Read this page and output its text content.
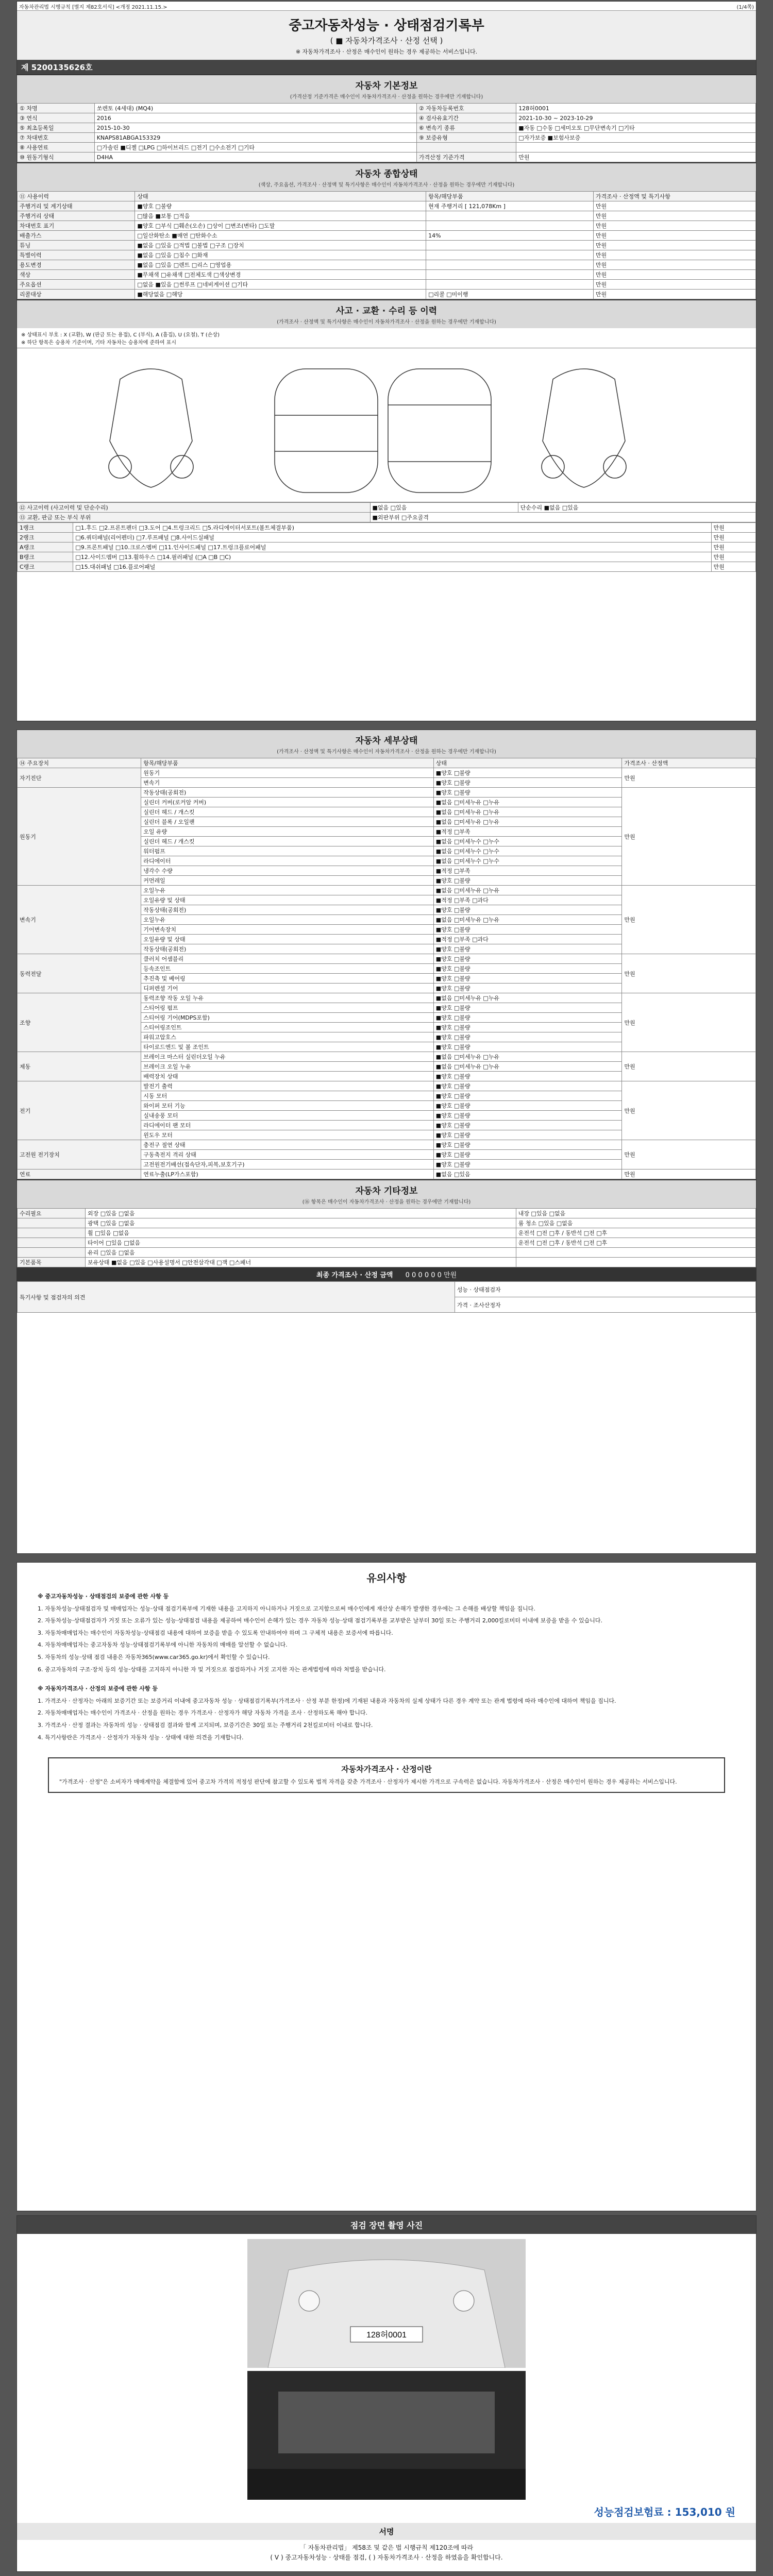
자동차관리법 시행규칙 [별지 제82호서식] <개정 2021.11.15.>	(1/4쪽)
중고자동차성능 · 상태점검기록부
( ■ 자동차가격조사 · 산정 선택 )
※ 자동차가격조사 · 산정은 매수인이 원하는 경우 제공하는 서비스입니다.
제 5200135626호
자동차 기본정보

(가격산정 기준가격은 매수인이 자동차가격조사 · 산정을 원하는 경우에만 기재합니다)

① 차명	쏘렌토 (4세대) (MQ4)	② 자동차등록번호	128허0001
③ 연식	2016	④ 검사유효기간	2021-10-30 ~ 2023-10-29
⑤ 최초등록일	2015-10-30	⑥ 변속기 종류	■자동 □수동 □세미오토 □무단변속기 □기타
⑦ 차대번호	KNAPS81ABGA153329	⑨ 보증유형	□자가보증 ■보험사보증
⑧ 사용연료	□가솔린 ■디젤 □LPG □하이브리드 □전기 □수소전기 □기타		
⑩ 원동기형식	D4HA	가격산정 기준가격	만원
자동차 종합상태

(색상, 주요옵션, 가격조사 · 산정액 및 특기사항은 매수인이 자동차가격조사 · 산정을 원하는 경우에만 기재합니다)

⑪ 사용이력	상태	항목/해당부품	가격조사 · 산정액 및 특기사항
주행거리 및 계기상태	■양호 □불량	현재 주행거리 [ 121,078Km ]	만원
주행거리 상태	□많음 ■보통 □적음		만원
차대번호 표기	■양호 □부식 □훼손(오손) □상이 □변조(변타) □도말		만원
배출가스	□일산화탄소 ■매연 □탄화수소	14%	만원
튜닝	■없음 □있음 □적법 □불법 □구조 □장치		만원
특별이력	■없음 □있음 □침수 □화재		만원
용도변경	■없음 □있음 □렌트 □리스 □영업용		만원
색상	■무채색 □유채색 □전체도색 □색상변경		만원
주요옵션	□없음 ■있음 □썬루프 □네비게이션 □기타		만원
리콜대상	■해당없음 □해당	□리콜 □미이행	만원
사고 · 교환 · 수리 등 이력

(가격조사 · 산정액 및 특기사항은 매수인이 자동차가격조사 · 산정을 원하는 경우에만 기재합니다)

※ 상태표시 부호 : X (교환), W (판금 또는 용접), C (부식), A (흠집), U (요철), T (손상)
※ 하단 항목은 승용차 기준이며, 기타 자동차는 승용차에 준하여 표시
⑫ 사고이력 (사고이력 및 단순수리)	■없음 □있음	단순수리 ■없음 □있음
⑬ 교환, 판금 또는 부식 부위	■외판부위 □주요골격	
1랭크	□1.후드 □2.프론트펜더 □3.도어 □4.트렁크리드 □5.라디에이터서포트(볼트체결부품)	만원
2랭크	□6.쿼터패널(리어펜더) □7.루프패널 □8.사이드실패널	만원
A랭크	□9.프론트패널 □10.크로스멤버 □11.인사이드패널 □17.트렁크플로어패널	만원
B랭크	□12.사이드멤버 □13.휠하우스 □14.필러패널 (□A □B □C)	만원
C랭크	□15.대쉬패널 □16.플로어패널	만원
자동차 세부상태

(가격조사 · 산정액 및 특기사항은 매수인이 자동차가격조사 · 산정을 원하는 경우에만 기재합니다)

⑭ 주요장치	항목/해당부품	상태	가격조사 · 산정액
자기진단	원동기	■양호 □불량	만원
	변속기	■양호 □불량	
원동기	작동상태(공회전)	■양호 □불량	만원
	실린더 커버(로커암 커버)	■없음 □미세누유 □누유	
	실린더 헤드 / 개스킷	■없음 □미세누유 □누유	
	실린더 블록 / 오일팬	■없음 □미세누유 □누유	
	오일 유량	■적정 □부족	
	실린더 헤드 / 개스킷	■없음 □미세누수 □누수	
	워터펌프	■없음 □미세누수 □누수	
	라디에이터	■없음 □미세누수 □누수	
	냉각수 수량	■적정 □부족	
	커먼레일	■양호 □불량	
변속기	오일누유	■없음 □미세누유 □누유	만원
	오일유량 및 상태	■적정 □부족 □과다	
	작동상태(공회전)	■양호 □불량	
	오일누유	■없음 □미세누유 □누유	
	기어변속장치	■양호 □불량	
	오일유량 및 상태	■적정 □부족 □과다	
	작동상태(공회전)	■양호 □불량	
동력전달	클러치 어셈블리	■양호 □불량	만원
	등속조인트	■양호 □불량	
	추진축 및 베어링	■양호 □불량	
	디퍼렌셜 기어	■양호 □불량	
조향	동력조향 작동 오일 누유	■없음 □미세누유 □누유	만원
	스티어링 펌프	■양호 □불량	
	스티어링 기어(MDPS포함)	■양호 □불량	
	스티어링조인트	■양호 □불량	
	파워고압호스	■양호 □불량	
	타이로드엔드 및 볼 조인트	■양호 □불량	
제동	브레이크 마스터 실린더오일 누유	■없음 □미세누유 □누유	만원
	브레이크 오일 누유	■없음 □미세누유 □누유	
	배력장치 상태	■양호 □불량	
전기	발전기 출력	■양호 □불량	만원
	시동 모터	■양호 □불량	
	와이퍼 모터 기능	■양호 □불량	
	실내송풍 모터	■양호 □불량	
	라디에이터 팬 모터	■양호 □불량	
	윈도우 모터	■양호 □불량	
고전원 전기장치	충전구 절연 상태	■양호 □불량	만원
	구동축전지 격리 상태	■양호 □불량	
	고전원전기배선(접속단자,피복,보호기구)	■양호 □불량	
연료	연료누출(LP가스포함)	■없음 □있음	만원
자동차 기타정보

(⑯ 항목은 매수인이 자동차가격조사 · 산정을 원하는 경우에만 기재합니다)

수리필요	외장 □있음 □없음	내장 □있음 □없음
	광택 □있음 □없음	룸 청소 □있음 □없음
	휠 □있음 □없음	운전석 □전 □후 / 동반석 □전 □후
	타이어 □있음 □없음	운전석 □전 □후 / 동반석 □전 □후
	유리 □있음 □없음	
기본품목	보유상태 ■없음 □있음 □사용설명서 □안전삼각대 □잭 □스패너	
최종 가격조사 · 산정 금액 0 0 0 0 0 0 만원
특기사항 및 점검자의 의견	성능 · 상태점검자
가격 · 조사산정자
유의사항

※ 중고자동차성능 · 상태점검의 보증에 관한 사항 등

1. 자동차성능·상태점검자 및 매매업자는 성능·상태 점검기록부에 기재한 내용을 고지하지 아니하거나 거짓으로 고지함으로써 매수인에게 재산상 손해가 발생한 경우에는 그 손해를 배상할 책임을 집니다.

2. 자동차성능·상태점검자가 거짓 또는 오류가 있는 성능·상태점검 내용을 제공하여 매수인이 손해가 있는 경우 자동차 성능·상태 점검기록부를 교부받은 날부터 30일 또는 주행거리 2,000킬로미터 이내에 보증을 받을 수 있습니다.

3. 자동차매매업자는 매수인이 자동차성능·상태점검 내용에 대하여 보증을 받을 수 있도록 안내하여야 하며 그 구체적 내용은 보증서에 따릅니다.

4. 자동차매매업자는 중고자동차 성능·상태점검기록부에 아니한 자동차의 매매를 알선할 수 없습니다.

5. 자동차의 성능·상태 점검 내용은 자동차365(www.car365.go.kr)에서 확인할 수 있습니다.

6. 중고자동차의 구조·장치 등의 성능·상태를 고지하지 아니한 자 및 거짓으로 점검하거나 거짓 고지한 자는 관계법령에 따라 처벌을 받습니다.

※ 자동차가격조사 · 산정의 보증에 관한 사항 등

1. 가격조사 · 산정자는 아래의 보증기간 또는 보증거리 이내에 중고자동차 성능 · 상태점검기록부(가격조사 · 산정 부분 한정)에 기재된 내용과 자동차의 실제 상태가 다른 경우 계약 또는 관계 법령에 따라 매수인에 대하여 책임을 집니다.

2. 자동차매매업자는 매수인이 가격조사 · 산정을 원하는 경우 가격조사 · 산정자가 해당 자동차 가격을 조사 · 산정하도록 해야 합니다.

3. 가격조사 · 산정 결과는 자동차의 성능 · 상태점검 결과와 함께 고지되며, 보증기간은 30일 또는 주행거리 2천킬로미터 이내로 합니다.

4. 특기사항란은 가격조사 · 산정자가 자동차 성능 · 상태에 대한 의견을 기재합니다.

자동차가격조사 · 산정이란
"가격조사 · 산정"은 소비자가 매매계약을 체결함에 있어 중고차 가격의 적정성 판단에 참고할 수 있도록 법적 자격을 갖춘 가격조사 · 산정자가 제시한 가격으로 구속력은 없습니다. 자동차가격조사 · 산정은 매수인이 원하는 경우 제공하는 서비스입니다.
점검 장면 촬영 사진
128허0001
성능점검보험료 : 153,010 원
서명
「 자동차관리법」 제58조 및 같은 법 시행규칙 제120조에 따라
( V ) 중고자동차성능 · 상태를 점검, ( ) 자동차가격조사 · 산정을 하였음을 확인합니다.
